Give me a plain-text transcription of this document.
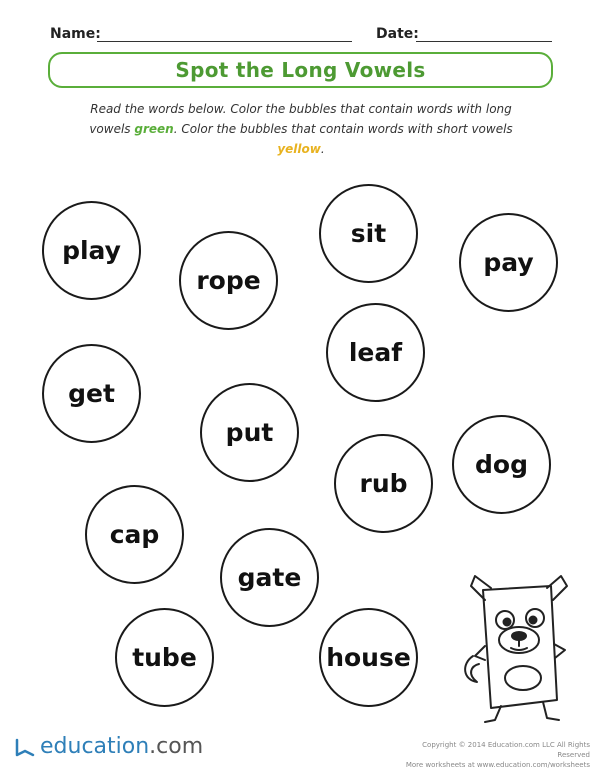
Name:	Date:
Spot the Long Vowels
Read the words below. Color the bubbles that contain words with long vowels green. Color the bubbles that contain words with short vowels yellow.
play
rope
sit
pay
leaf
get
put
rub
dog
cap
gate
tube	house
education.com	Copyright © 2014 Education.com LLC All Rights Reserved
More worksheets at www.education.com/worksheets
